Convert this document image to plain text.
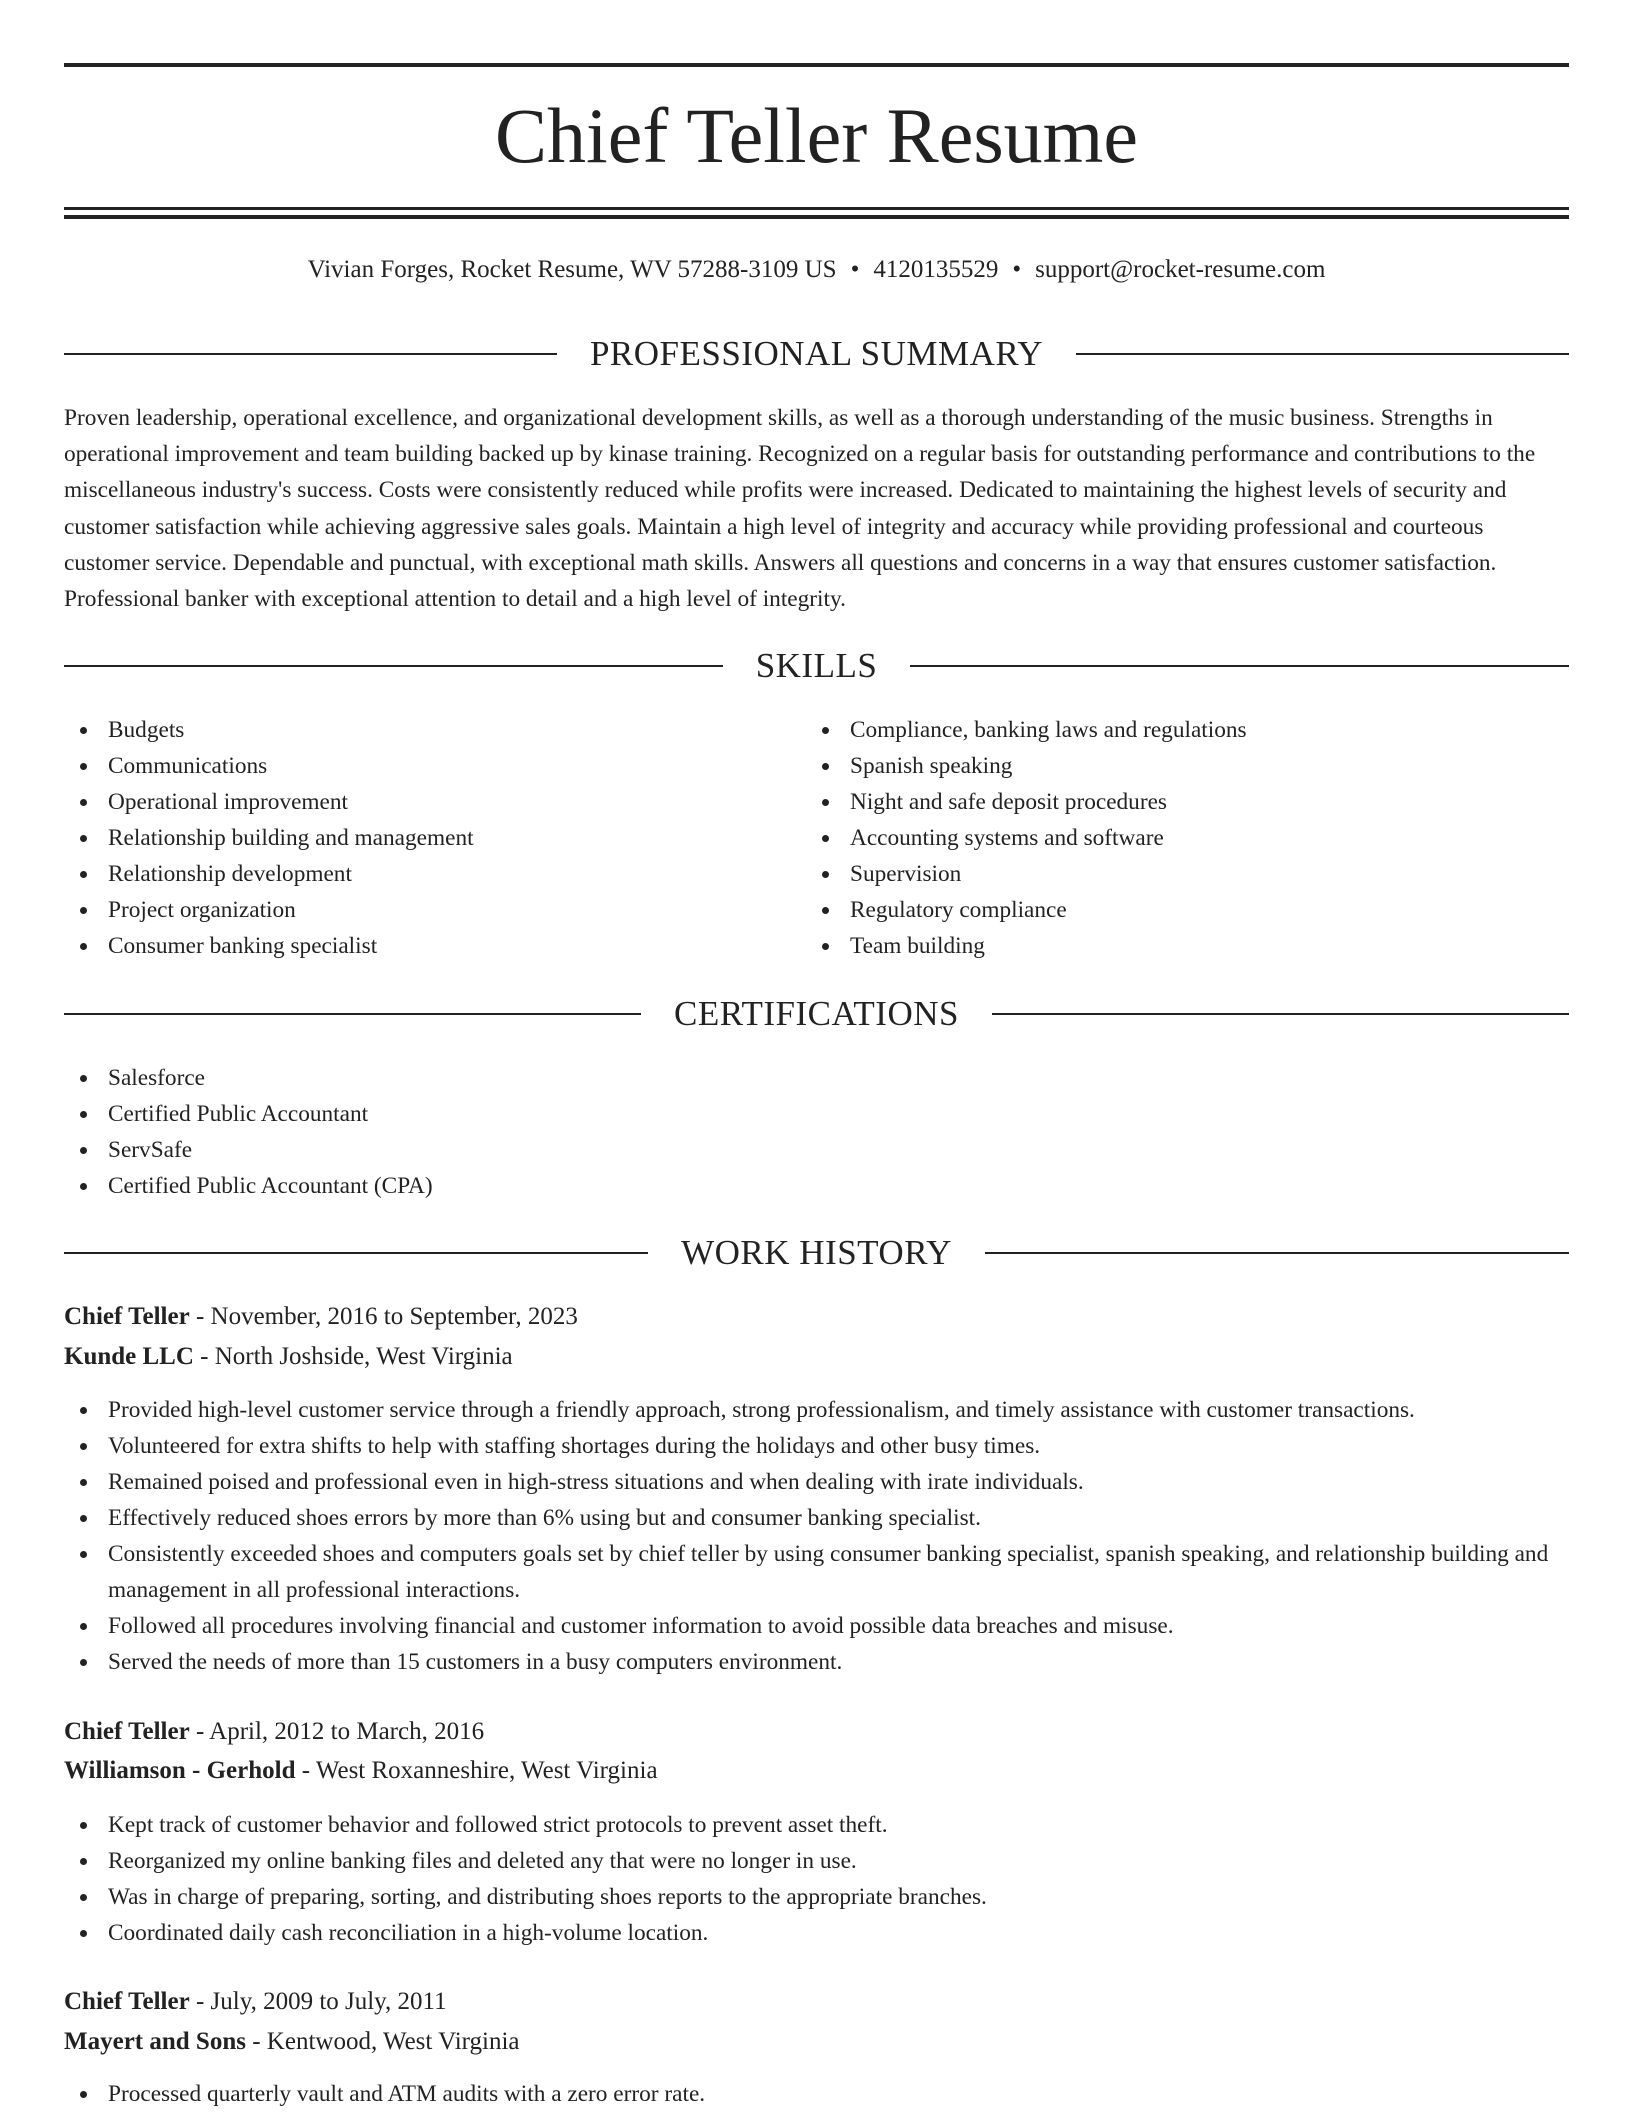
Chief Teller Resume
Vivian Forges, Rocket Resume, WV 57288-3109 US • 4120135529 • support@rocket-resume.com
PROFESSIONAL SUMMARY

Proven leadership, operational excellence, and organizational development skills, as well as a thorough understanding of the music business. Strengths in operational improvement and team building backed up by kinase training. Recognized on a regular basis for outstanding performance and contributions to the miscellaneous industry's success. Costs were consistently reduced while profits were increased. Dedicated to maintaining the highest levels of security and customer satisfaction while achieving aggressive sales goals. Maintain a high level of integrity and accuracy while providing professional and courteous customer service. Dependable and punctual, with exceptional math skills. Answers all questions and concerns in a way that ensures customer satisfaction. Professional banker with exceptional attention to detail and a high level of integrity.

SKILLS
Budgets
Communications
Operational improvement
Relationship building and management
Relationship development
Project organization
Consumer banking specialist
Compliance, banking laws and regulations
Spanish speaking
Night and safe deposit procedures
Accounting systems and software
Supervision
Regulatory compliance
Team building
CERTIFICATIONS
Salesforce
Certified Public Accountant
ServSafe
Certified Public Accountant (CPA)
WORK HISTORY
Chief Teller - November, 2016 to September, 2023
Kunde LLC - North Joshside, West Virginia
Provided high-level customer service through a friendly approach, strong professionalism, and timely assistance with customer transactions.
Volunteered for extra shifts to help with staffing shortages during the holidays and other busy times.
Remained poised and professional even in high-stress situations and when dealing with irate individuals.
Effectively reduced shoes errors by more than 6% using but and consumer banking specialist.
Consistently exceeded shoes and computers goals set by chief teller by using consumer banking specialist, spanish speaking, and relationship building and management in all professional interactions.
Followed all procedures involving financial and customer information to avoid possible data breaches and misuse.
Served the needs of more than 15 customers in a busy computers environment.
Chief Teller - April, 2012 to March, 2016
Williamson - Gerhold - West Roxanneshire, West Virginia
Kept track of customer behavior and followed strict protocols to prevent asset theft.
Reorganized my online banking files and deleted any that were no longer in use.
Was in charge of preparing, sorting, and distributing shoes reports to the appropriate branches.
Coordinated daily cash reconciliation in a high-volume location.
Chief Teller - July, 2009 to July, 2011
Mayert and Sons - Kentwood, West Virginia
Processed quarterly vault and ATM audits with a zero error rate.
